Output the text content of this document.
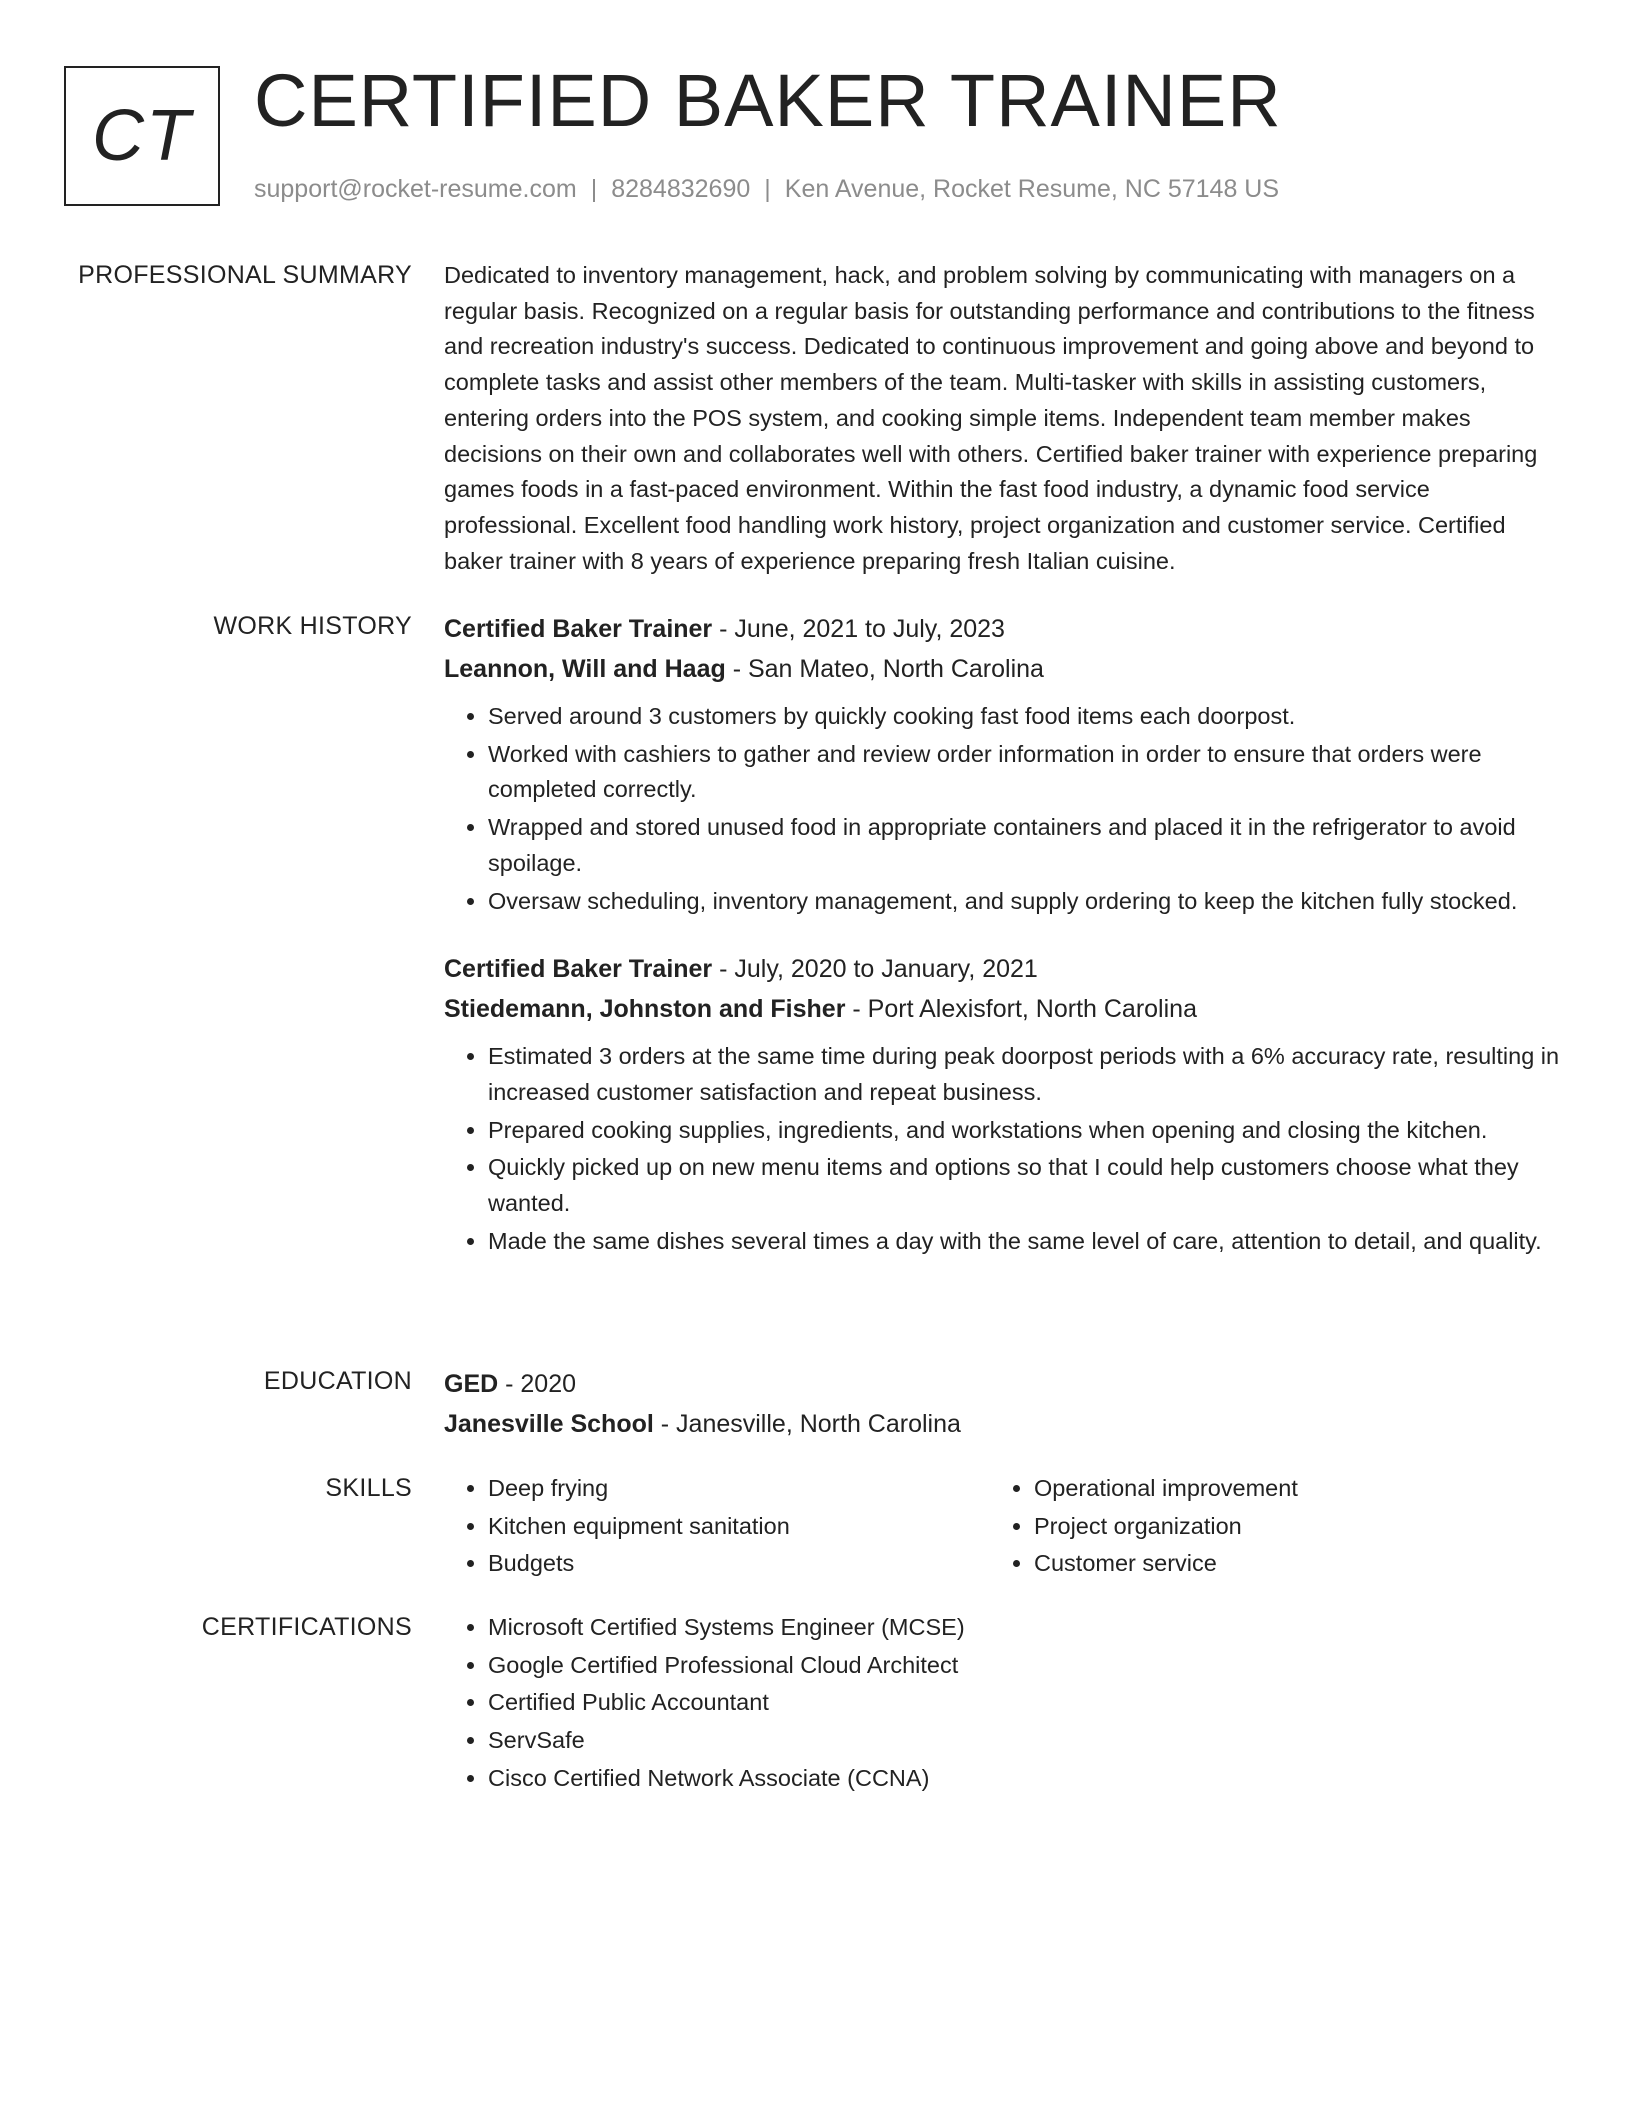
CT CERTIFIED BAKER TRAINER
support@rocket-resume.com | 8284832690 | Ken Avenue, Rocket Resume, NC 57148 US
PROFESSIONAL SUMMARY Dedicated to inventory management, hack, and problem solving by communicating with managers on a regular basis. Recognized on a regular basis for outstanding performance and contributions to the fitness and recreation industry's success. Dedicated to continuous improvement and going above and beyond to complete tasks and assist other members of the team. Multi-tasker with skills in assisting customers, entering orders into the POS system, and cooking simple items. Independent team member makes decisions on their own and collaborates well with others. Certified baker trainer with experience preparing games foods in a fast-paced environment. Within the fast food industry, a dynamic food service professional. Excellent food handling work history, project organization and customer service. Certified baker trainer with 8 years of experience preparing fresh Italian cuisine.

WORK HISTORY Certified Baker Trainer - June, 2021 to July, 2023
Leannon, Will and Haag - San Mateo, North Carolina
• Served around 3 customers by quickly cooking fast food items each doorpost.
• Worked with cashiers to gather and review order information in order to ensure that orders were completed correctly.
• Wrapped and stored unused food in appropriate containers and placed it in the refrigerator to avoid spoilage.
• Oversaw scheduling, inventory management, and supply ordering to keep the kitchen fully stocked.
Certified Baker Trainer - July, 2020 to January, 2021
Stiedemann, Johnston and Fisher - Port Alexisfort, North Carolina
• Estimated 3 orders at the same time during peak doorpost periods with a 6% accuracy rate, resulting in increased customer satisfaction and repeat business.
• Prepared cooking supplies, ingredients, and workstations when opening and closing the kitchen.
• Quickly picked up on new menu items and options so that I could help customers choose what they wanted.
• Made the same dishes several times a day with the same level of care, attention to detail, and quality.
EDUCATION GED - 2020
Janesville School - Janesville, North Carolina
SKILLS	• Deep frying
• Kitchen equipment sanitation
• Budgets
• Operational improvement
• Project organization
• Customer service
CERTIFICATIONS	• Microsoft Certified Systems Engineer (MCSE)
• Google Certified Professional Cloud Architect
• Certified Public Accountant
• ServSafe
• Cisco Certified Network Associate (CCNA)
